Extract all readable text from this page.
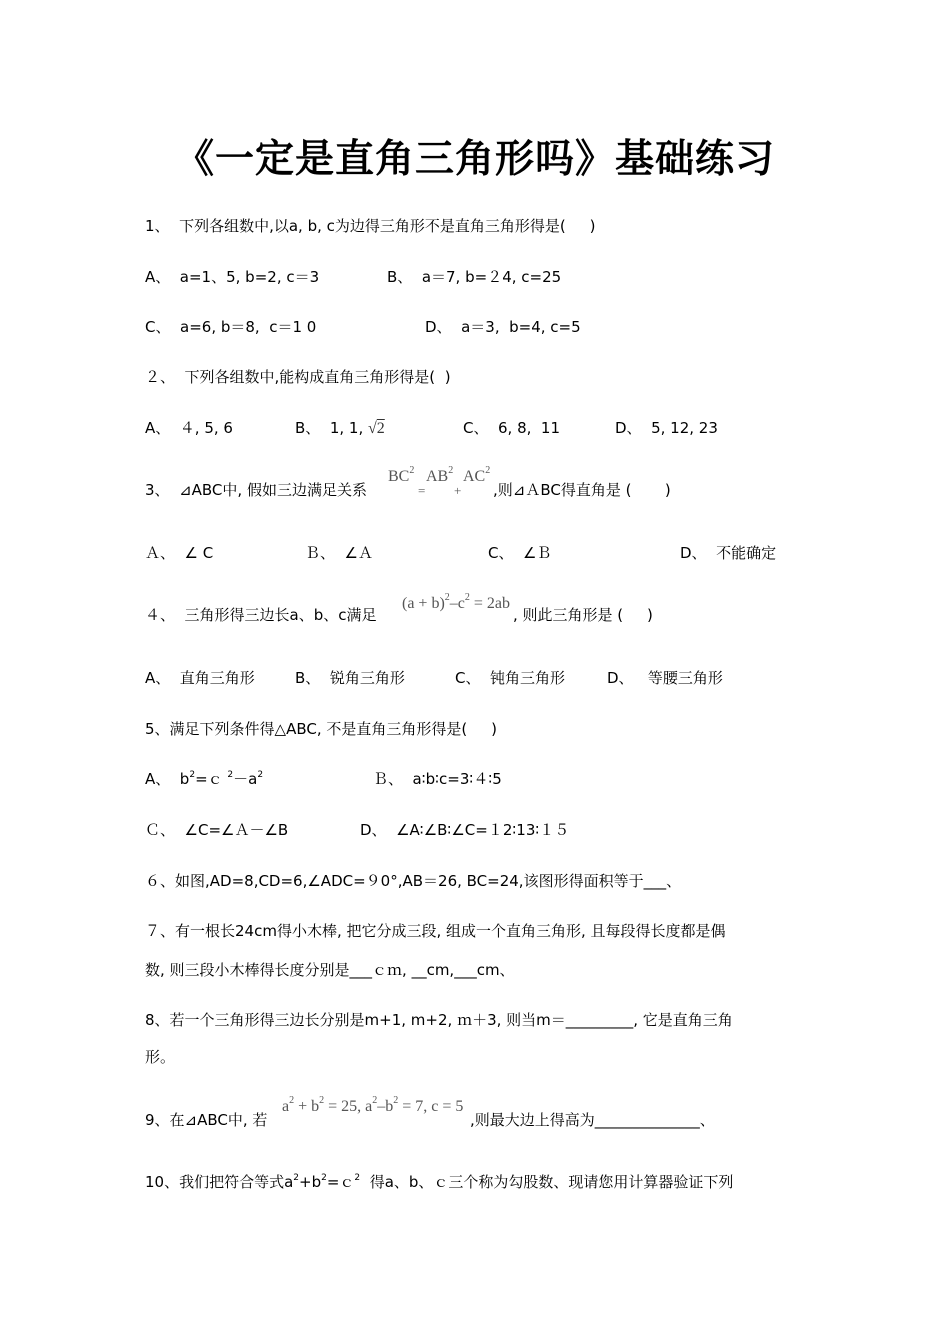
《一定是直角三角形吗》基础练习
1、  下列各组数中,以a, b, c为边得三角形不是直角三角形得是(     )
A、  a=1、5, b=2, c＝3	B、  a＝7, b=２4, c=25
C、  a=6, b＝8,  c＝1 0	D、  a＝3,  b=4, c=5
２、  下列各组数中,能构成直角三角形得是(  )
A、  ４, 5, 6	B、  1, 1, √2	C、  6, 8,  11	D、  5, 12, 23
3、  ⊿ABC中, 假如三边满足关系
$BC^2$
=
$AB^2$
+
$AC^2$
,则⊿ＡBC得直角是 (       )
Ａ、  ∠ C	Ｂ、  ∠Ａ	C、  ∠Ｂ	D、  不能确定
４、  三角形得三边长a、b、c满足
$(a + b)^2-c^2 = 2ab$
, 则此三角形是 (     )
A、  直角三角形	B、  锐角三角形	C、  钝角三角形	D、   等腰三角形
5、满足下列条件得△ABC, 不是直角三角形得是(     )
A、  $b^2=c$ $^2-a^2$	Ｂ、  a∶b∶c=3∶４∶5
Ｃ、  ∠C=∠Ａ－∠B	D、  ∠A∶∠B∶∠C=１2∶13∶１５
６、如图,AD=8,CD=6,∠ADC=９0°,AB＝26, BC=24,该图形得面积等于___、
７、有一根长24cm得小木棒, 把它分成三段, 组成一个直角三角形, 且每段得长度都是偶
数, 则三段小木棒得长度分别是___ｃｍ, __cm,___cm、
8、若一个三角形得三边长分别是m+1, m+2, ｍ＋3, 则当m＝_________, 它是直角三角
形。
9、在⊿ABC中, 若
$a^2 + b^2 = 25$, $a^2-b^2 = 7$, c = 5
,则最大边上得高为______________、
10、我们把符合等式$a^2+b^2=c^2$  得a、b、ｃ三个称为勾股数、现请您用计算器验证下列
